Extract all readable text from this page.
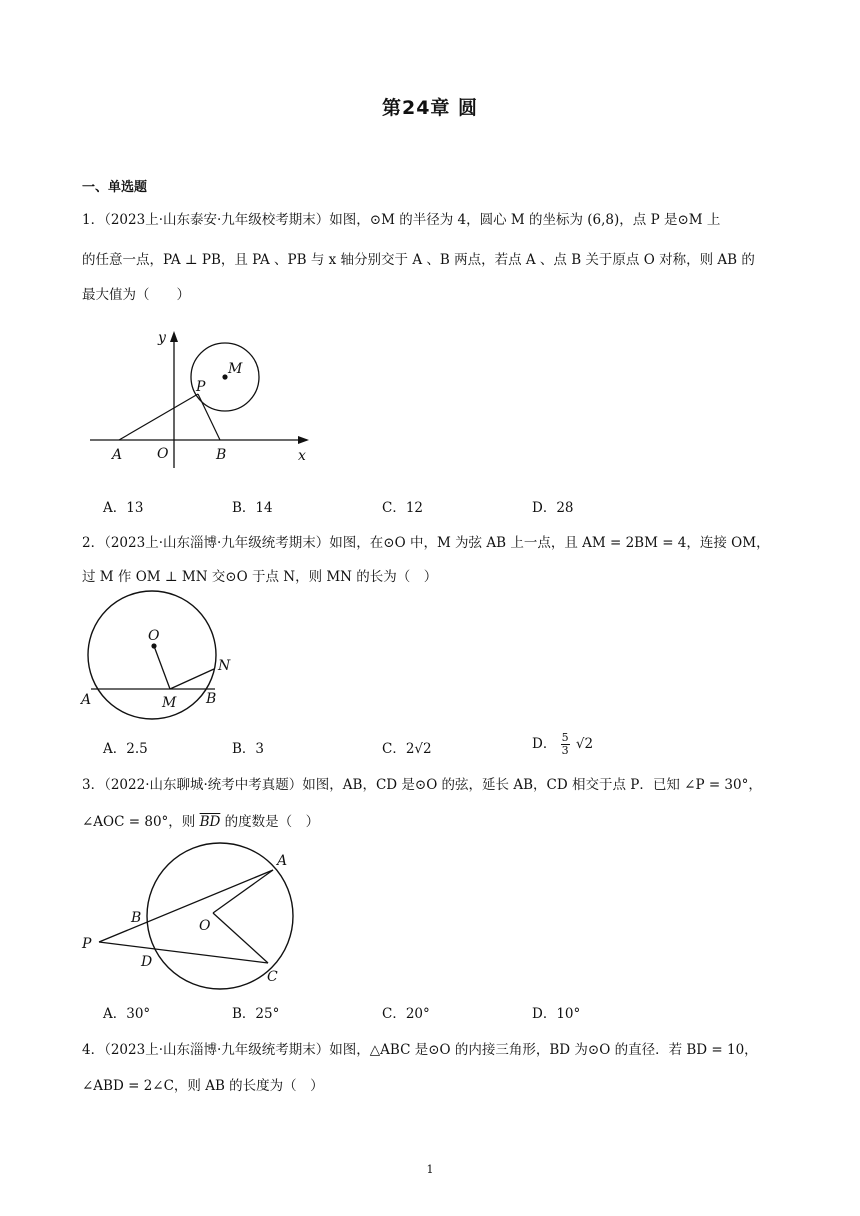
第24章 圆
一、单选题
1．（2023上·山东泰安·九年级校考期末）如图，⊙M 的半径为 4，圆心 M 的坐标为 (6,8)，点 P 是⊙M 上
的任意一点，PA ⊥ PB，且 PA 、PB 与 x 轴分别交于 A 、B 两点，若点 A 、点 B 关于原点 O 对称，则 AB 的
最大值为（　　）
y
M
P
A O	B	x
A．13	B．14	C．12	D．28
2．（2023上·山东淄博·九年级统考期末）如图，在⊙O 中，M 为弦 AB 上一点，且 AM = 2BM = 4，连接 OM，
过 M 作 OM ⊥ MN 交⊙O 于点 N，则 MN 的长为（　）
O
N
A	M B
A．2.5	B．3	C．2√2	D． $\frac{5}{3} √2$
3．（2022·山东聊城·统考中考真题）如图，AB，CD 是⊙O 的弦，延长 AB，CD 相交于点 P．已知 ∠P = 30°，
∠AOC = 80°，则 $\overline{BD}$ 的度数是（　）
A
B	O
P
D
C
A．30°	B．25°	C．20°	D．10°
4．（2023上·山东淄博·九年级统考期末）如图，△ABC 是⊙O 的内接三角形，BD 为⊙O 的直径．若 BD = 10，
∠ABD = 2∠C，则 AB 的长度为（　）
1
